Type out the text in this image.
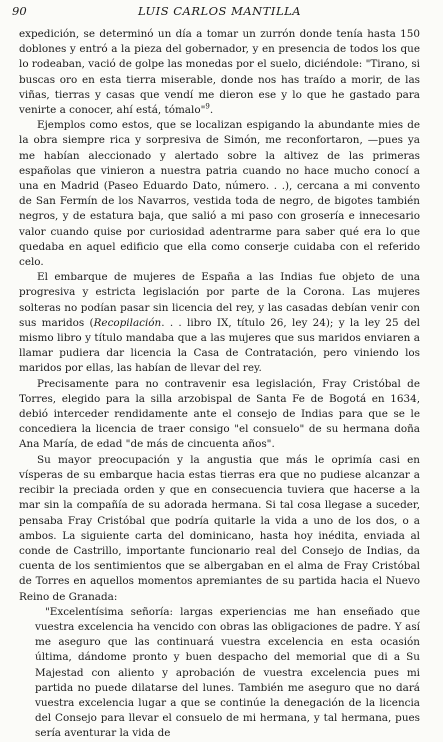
90	LUIS CARLOS MANTILLA

expedición, se determinó un día a tomar un zurrón donde tenía hasta 150 doblones y entró a la pieza del gobernador, y en presencia de todos los que lo rodeaban, vació de golpe las monedas por el suelo, diciéndole: "Tirano, si buscas oro en esta tierra miserable, donde nos has traído a morir, de las viñas, tierras y casas que vendí me dieron ese y lo que he gastado para venirte a conocer, ahí está, tómalo"$^9$.

Ejemplos como estos, que se localizan espigando la abundante mies de la obra siempre rica y sorpresiva de Simón, me reconfortaron, —pues ya me habían aleccionado y alertado sobre la altivez de las primeras españolas que vinieron a nuestra patria cuando no hace mucho conocí a una en Madrid (Paseo Eduardo Dato, número. . .), cercana a mi convento de San Fermín de los Navarros, vestida toda de negro, de bigotes también negros, y de estatura baja, que salió a mi paso con grosería e innecesario valor cuando quise por curiosidad adentrarme para saber qué era lo que quedaba en aquel edificio que ella como conserje cuidaba con el referido celo.

El embarque de mujeres de España a las Indias fue objeto de una progresiva y estricta legislación por parte de la Corona. Las mujeres solteras no podían pasar sin licencia del rey, y las casadas debían venir con sus maridos (Recopilación. . . libro IX, título 26, ley 24); y la ley 25 del mismo libro y título mandaba que a las mujeres que sus maridos enviaren a llamar pudiera dar licencia la Casa de Contratación, pero viniendo los maridos por ellas, las habían de llevar del rey.

Precisamente para no contravenir esa legislación, Fray Cristóbal de Torres, elegido para la silla arzobispal de Santa Fe de Bogotá en 1634, debió interceder rendidamente ante el consejo de Indias para que se le concediera la licencia de traer consigo "el consuelo" de su hermana doña Ana María, de edad "de más de cincuenta años".

Su mayor preocupación y la angustia que más le oprimía casi en vísperas de su embarque hacia estas tierras era que no pudiese alcanzar a recibir la preciada orden y que en consecuencia tuviera que hacerse a la mar sin la compañía de su adorada hermana. Si tal cosa llegase a suceder, pensaba Fray Cristóbal que podría quitarle la vida a uno de los dos, o a ambos. La siguiente carta del dominicano, hasta hoy inédita, enviada al conde de Castrillo, importante funcionario real del Consejo de Indias, da cuenta de los sentimientos que se albergaban en el alma de Fray Cristóbal de Torres en aquellos momentos apremiantes de su partida hacia el Nuevo Reino de Granada:

"Excelentísima señoría: largas experiencias me han enseñado que vuestra excelencia ha vencido con obras las obligaciones de padre. Y así me aseguro que las continuará vuestra excelencia en esta ocasión última, dándome pronto y buen despacho del memorial que di a Su Majestad con aliento y aprobación de vuestra excelencia pues mi partida no puede dilatarse del lunes. También me aseguro que no dará vuestra excelencia lugar a que se continúe la denegación de la licencia del Consejo para llevar el consuelo de mi hermana, y tal hermana, pues sería aventurar la vida de
